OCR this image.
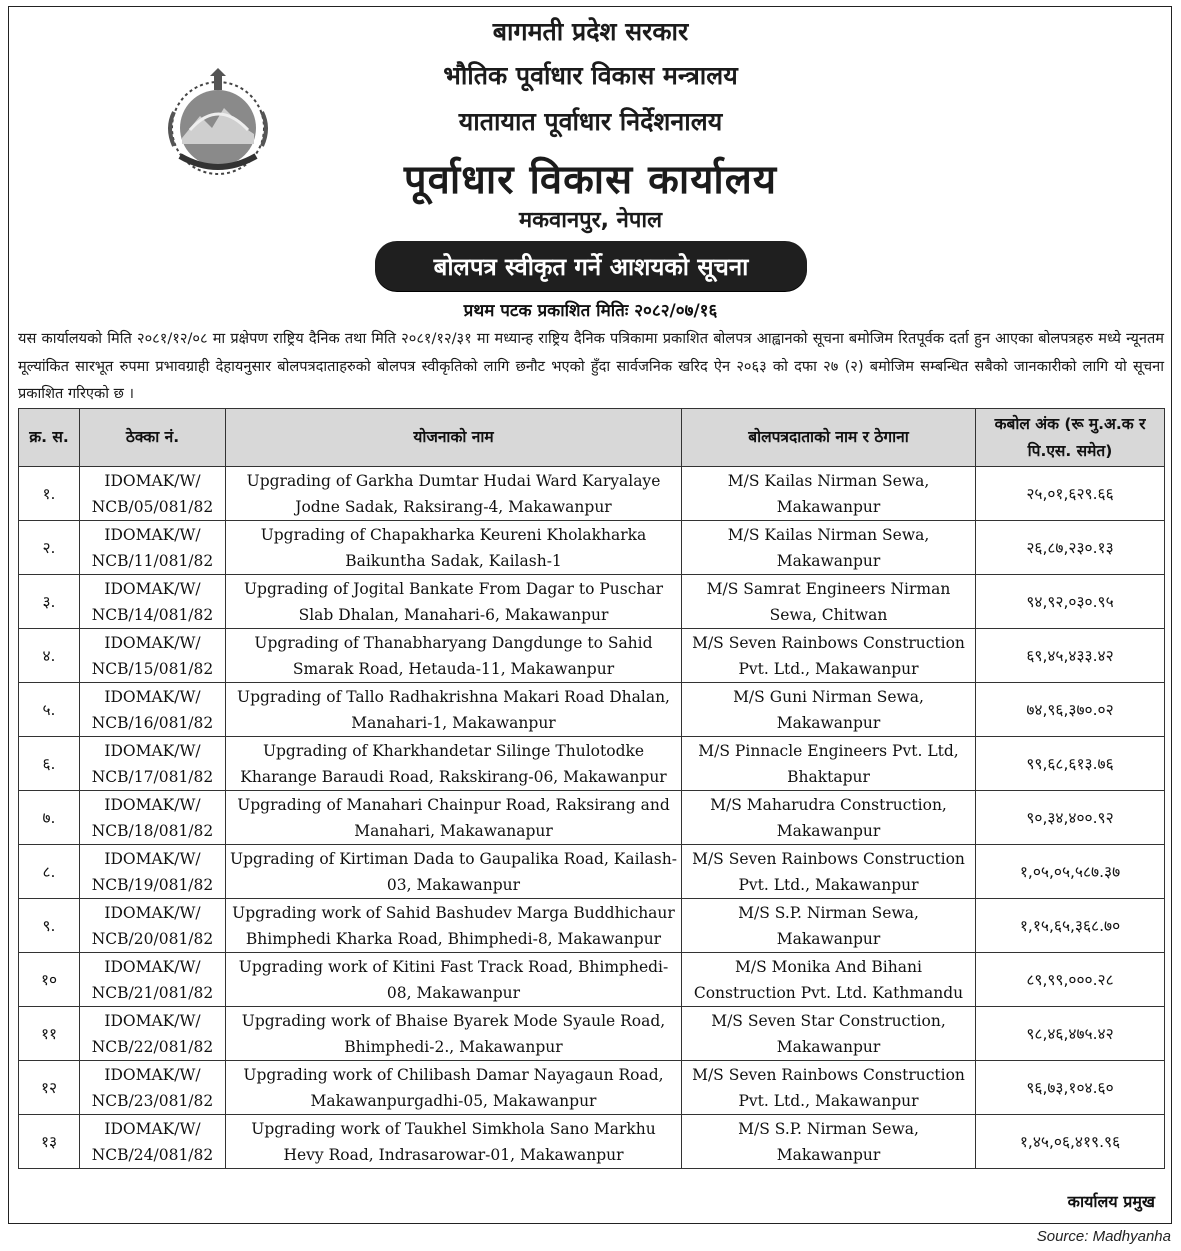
बागमती प्रदेश सरकार
भौतिक पूर्वाधार विकास मन्त्रालय
यातायात पूर्वाधार निर्देशनालय
पूर्वाधार विकास कार्यालय
मकवानपुर, नेपाल
बोलपत्र स्वीकृत गर्ने आशयको सूचना
प्रथम पटक प्रकाशित मितिः २०८२/०७/१६
यस कार्यालयको मिति २०८१/१२/०८ मा प्रक्षेपण राष्ट्रिय दैनिक तथा मिति २०८१/१२/३१ मा मध्यान्ह राष्ट्रिय दैनिक पत्रिकामा प्रकाशित बोलपत्र आह्वानको सूचना बमोजिम रितपूर्वक दर्ता हुन आएका बोलपत्रहरु मध्ये न्यूनतम मूल्यांकित सारभूत रुपमा प्रभावग्राही देहायनुसार बोलपत्रदाताहरुको बोलपत्र स्वीकृतिको लागि छनौट भएको हुँदा सार्वजनिक खरिद ऐन २०६३ को दफा २७ (२) बमोजिम सम्बन्धित सबैको जानकारीको लागि यो सूचना प्रकाशित गरिएको छ ।
क्र. स.	ठेक्का नं.	योजनाको नाम	बोलपत्रदाताको नाम र ठेगाना	कबोल अंक (रू मु.अ.क र पि.एस. समेत)
१.	IDOMAK/W/ NCB/05/081/82	Upgrading of Garkha Dumtar Hudai Ward Karyalaye Jodne Sadak, Raksirang-4, Makawanpur	M/S Kailas Nirman Sewa, Makawanpur	२५,०१,६२९.६६
२.	IDOMAK/W/ NCB/11/081/82	Upgrading of Chapakharka Keureni Kholakharka Baikuntha Sadak, Kailash-1	M/S Kailas Nirman Sewa, Makawanpur	२६,८७,२३०.१३
३.	IDOMAK/W/ NCB/14/081/82	Upgrading of Jogital Bankate From Dagar to Puschar Slab Dhalan, Manahari-6, Makawanpur	M/S Samrat Engineers Nirman Sewa, Chitwan	९४,९२,०३०.९५
४.	IDOMAK/W/ NCB/15/081/82	Upgrading of Thanabharyang Dangdunge to Sahid Smarak Road, Hetauda-11, Makawanpur	M/S Seven Rainbows Construction Pvt. Ltd., Makawanpur	६९,४५,४३३.४२
५.	IDOMAK/W/ NCB/16/081/82	Upgrading of Tallo Radhakrishna Makari Road Dhalan, Manahari-1, Makawanpur	M/S Guni Nirman Sewa, Makawanpur	७४,९६,३७०.०२
६.	IDOMAK/W/ NCB/17/081/82	Upgrading of Kharkhandetar Silinge Thulotodke Kharange Baraudi Road, Rakskirang-06, Makawanpur	M/S Pinnacle Engineers Pvt. Ltd, Bhaktapur	९९,६८,६१३.७६
७.	IDOMAK/W/ NCB/18/081/82	Upgrading of Manahari Chainpur Road, Raksirang and Manahari, Makawanapur	M/S Maharudra Construction, Makawanpur	९०,३४,४००.९२
८.	IDOMAK/W/ NCB/19/081/82	Upgrading of Kirtiman Dada to Gaupalika Road, Kailash-03, Makawanpur	M/S Seven Rainbows Construction Pvt. Ltd., Makawanpur	१,०५,०५,५८७.३७
९.	IDOMAK/W/ NCB/20/081/82	Upgrading work of Sahid Bashudev Marga Buddhichaur Bhimphedi Kharka Road, Bhimphedi-8, Makawanpur	M/S S.P. Nirman Sewa, Makawanpur	१,१५,६५,३६८.७०
१०	IDOMAK/W/ NCB/21/081/82	Upgrading work of Kitini Fast Track Road, Bhimphedi-08, Makawanpur	M/S Monika And Bihani Construction Pvt. Ltd. Kathmandu	८९,९९,०००.२८
११	IDOMAK/W/ NCB/22/081/82	Upgrading work of Bhaise Byarek Mode Syaule Road, Bhimphedi-2., Makawanpur	M/S Seven Star Construction, Makawanpur	९८,४६,४७५.४२
१२	IDOMAK/W/ NCB/23/081/82	Upgrading work of Chilibash Damar Nayagaun Road, Makawanpurgadhi-05, Makawanpur	M/S Seven Rainbows Construction Pvt. Ltd., Makawanpur	९६,७३,१०४.६०
१३	IDOMAK/W/ NCB/24/081/82	Upgrading work of Taukhel Simkhola Sano Markhu Hevy Road, Indrasarowar-01, Makawanpur	M/S S.P. Nirman Sewa, Makawanpur	१,४५,०६,४१९.९६
कार्यालय प्रमुख
Source: Madhyanha
